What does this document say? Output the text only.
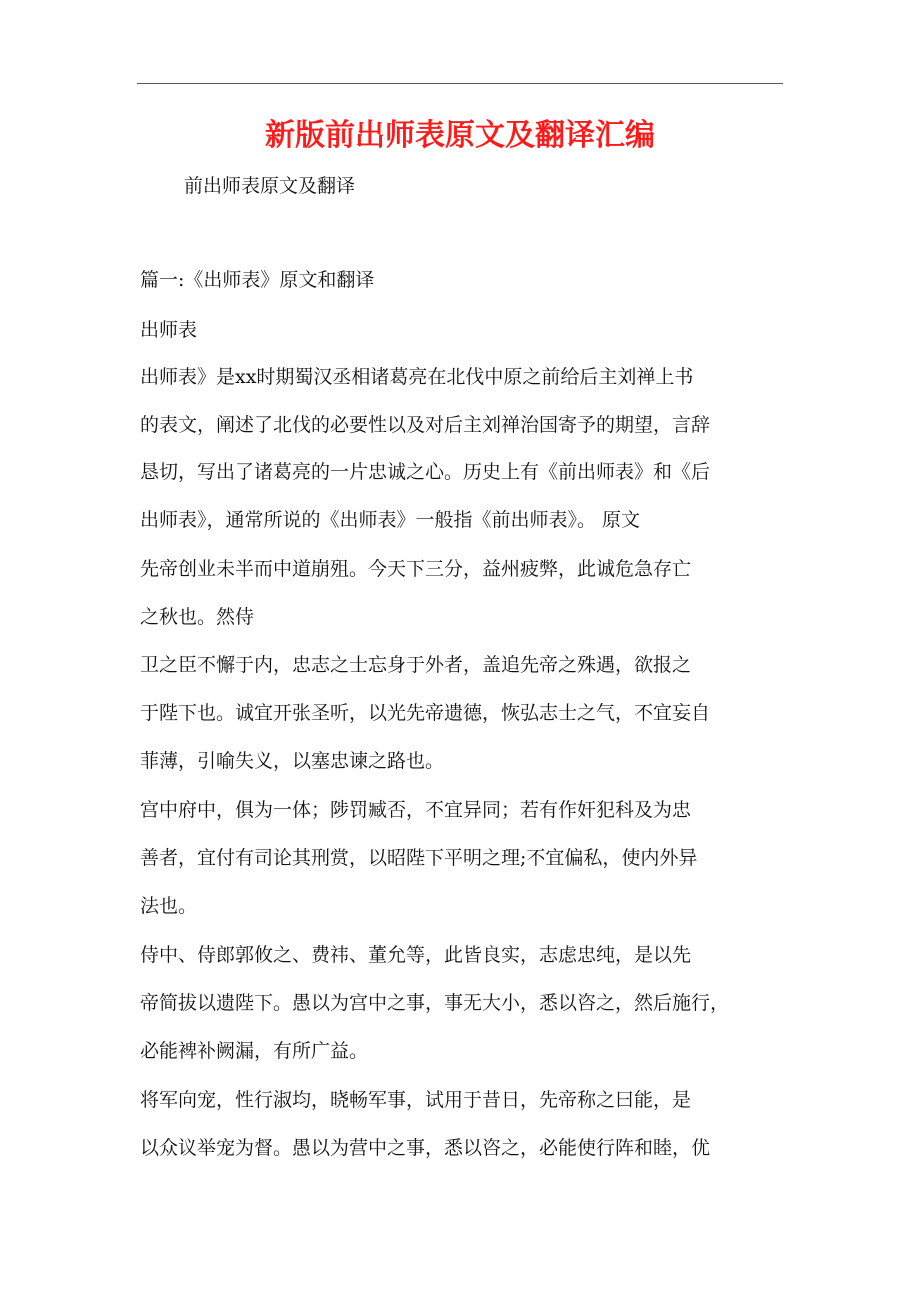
新版前出师表原文及翻译汇编
前出师表原文及翻译
篇一:《出师表》原文和翻译
出师表
出师表》是xx时期蜀汉丞相诸葛亮在北伐中原之前给后主刘禅上书
的表文，阐述了北伐的必要性以及对后主刘禅治国寄予的期望，言辞
恳切，写出了诸葛亮的一片忠诚之心。历史上有《前出师表》和《后
出师表》，通常所说的《出师表》一般指《前出师表》。 原文
先帝创业未半而中道崩殂。今天下三分，益州疲弊，此诚危急存亡
之秋也。然侍
卫之臣不懈于内，忠志之士忘身于外者，盖追先帝之殊遇，欲报之
于陛下也。诚宜开张圣听，以光先帝遗德，恢弘志士之气，不宜妄自
菲薄，引喻失义，以塞忠谏之路也。
宫中府中，俱为一体；陟罚臧否，不宜异同；若有作奸犯科及为忠
善者，宜付有司论其刑赏，以昭陛下平明之理;不宜偏私，使内外异
法也。
侍中、侍郎郭攸之、费祎、董允等，此皆良实，志虑忠纯，是以先
帝简拔以遗陛下。愚以为宫中之事，事无大小，悉以咨之，然后施行，
必能裨补阙漏，有所广益。
将军向宠，性行淑均，晓畅军事，试用于昔日，先帝称之曰能，是
以众议举宠为督。愚以为营中之事，悉以咨之，必能使行阵和睦，优
